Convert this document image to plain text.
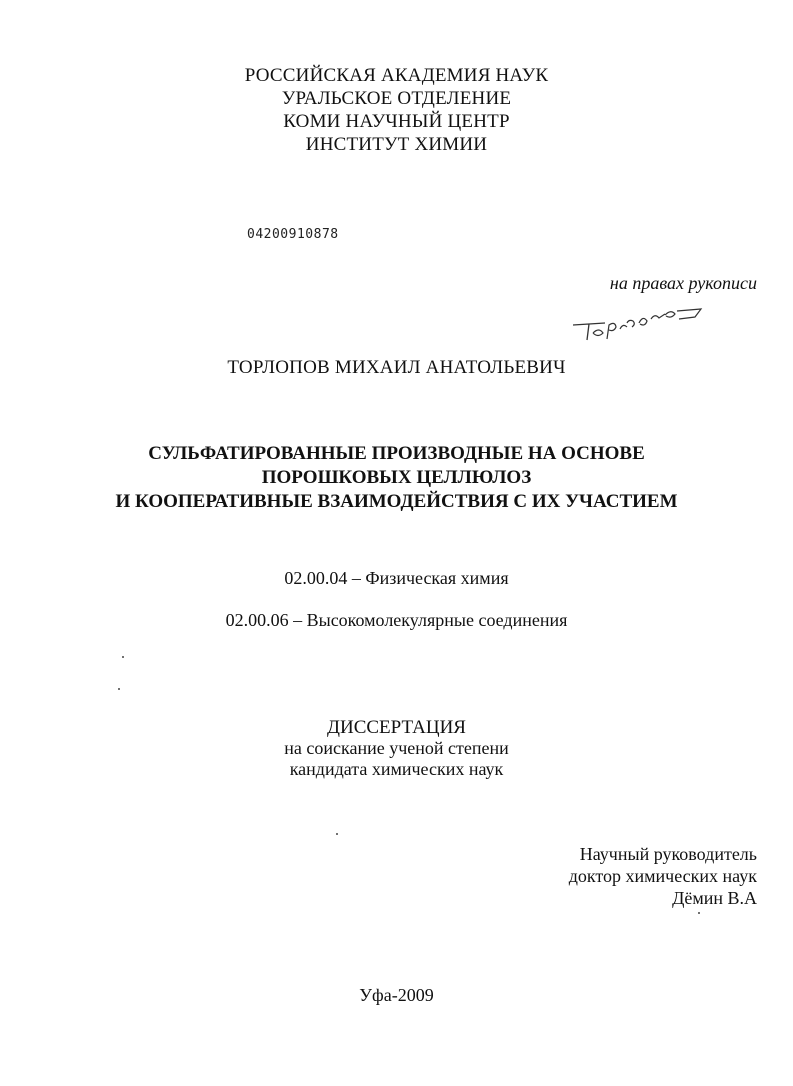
РОССИЙСКАЯ АКАДЕМИЯ НАУК
УРАЛЬСКОЕ ОТДЕЛЕНИЕ
КОМИ НАУЧНЫЙ ЦЕНТР
ИНСТИТУТ ХИМИИ
04200910878
на правах рукописи
ТОРЛОПОВ МИХАИЛ АНАТОЛЬЕВИЧ
СУЛЬФАТИРОВАННЫЕ ПРОИЗВОДНЫЕ НА ОСНОВЕ
ПОРОШКОВЫХ ЦЕЛЛЮЛОЗ
И КООПЕРАТИВНЫЕ ВЗАИМОДЕЙСТВИЯ С ИХ УЧАСТИЕМ
02.00.04 – Физическая химия
02.00.06 – Высокомолекулярные соединения
ДИССЕРТАЦИЯ
на соискание ученой степени
кандидата химических наук
Научный руководитель
доктор химических наук
Дёмин В.А
Уфа-2009
